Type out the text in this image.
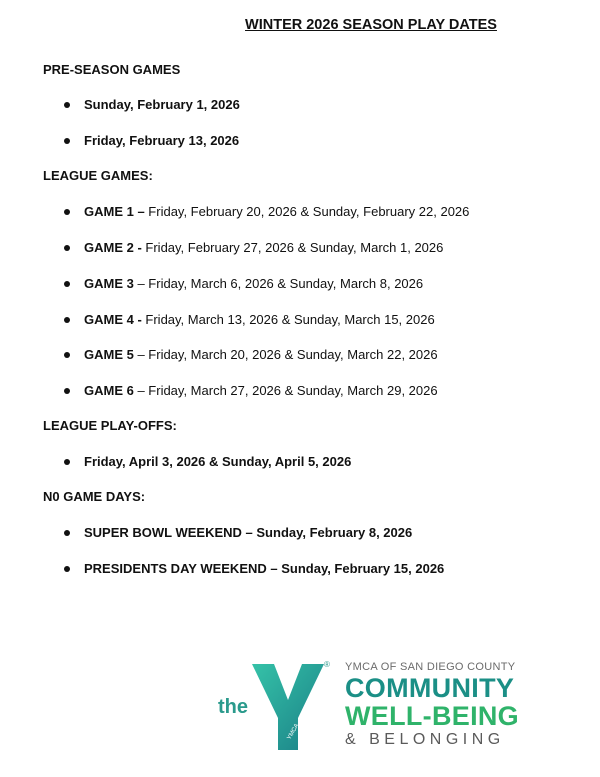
WINTER 2026 SEASON PLAY DATES
PRE-SEASON GAMES
Sunday, February 1, 2026
Friday, February 13, 2026
LEAGUE GAMES:
GAME 1 – Friday, February 20, 2026 & Sunday, February 22, 2026
GAME 2 - Friday, February 27, 2026 & Sunday, March 1, 2026
GAME 3 – Friday, March 6, 2026 & Sunday, March 8, 2026
GAME 4 - Friday, March 13, 2026 & Sunday, March 15, 2026
GAME 5 – Friday, March 20, 2026 & Sunday, March 22, 2026
GAME 6 – Friday, March 27, 2026 & Sunday, March 29, 2026
LEAGUE PLAY-OFFS:
Friday, April 3, 2026 & Sunday, April 5, 2026
N0 GAME DAYS:
SUPER BOWL WEEKEND – Sunday, February 8, 2026
PRESIDENTS DAY WEEKEND – Sunday, February 15, 2026
the
YMCA
® YMCA OF SAN DIEGO COUNTY
COMMUNITY
WELL-BEING
& BELONGING
